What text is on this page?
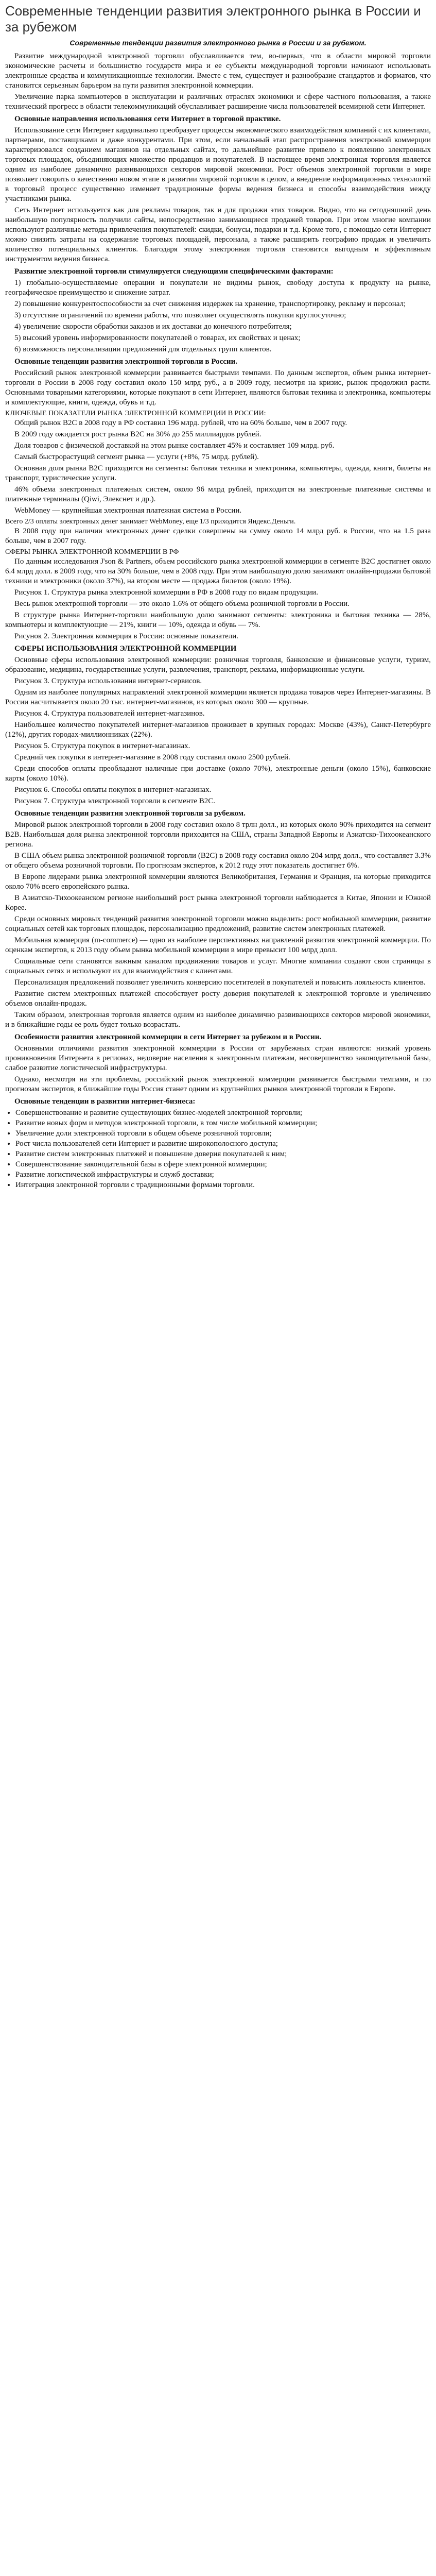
Современные тенденции развития электронного рынка в России и за рубежом
Современные тенденции развития электронного рынка в России и за рубежом.

Развитие международной электронной торговли обуславливается тем, во-первых, что в области мировой торговли экономические расчеты и большинство государств мира и ее субъекты международной торговли начинают использовать электронные средства и коммуникационные технологии. Вместе с тем, существует и разнообразие стандартов и форматов, что становится серьезным барьером на пути развития электронной коммерции.

Увеличение парка компьютеров в эксплуатации и различных отраслях экономики и сфере частного пользования, а также технический прогресс в области телекоммуникаций обуславливает расширение числа пользователей всемирной сети Интернет.

Основные направления использования сети Интернет в торговой практике.

Использование сети Интернет кардинально преобразует процессы экономического взаимодействия компаний с их клиентами, партнерами, поставщиками и даже конкурентами. При этом, если начальный этап распространения электронной коммерции характеризовался созданием магазинов на отдельных сайтах, то дальнейшее развитие привело к появлению электронных торговых площадок, объединяющих множество продавцов и покупателей. В настоящее время электронная торговля является одним из наиболее динамично развивающихся секторов мировой экономики. Рост объемов электронной торговли в мире позволяет говорить о качественно новом этапе в развитии мировой торговли в целом, а внедрение информационных технологий в торговый процесс существенно изменяет традиционные формы ведения бизнеса и способы взаимодействия между участниками рынка.

Сеть Интернет используется как для рекламы товаров, так и для продажи этих товаров. Видно, что на сегодняшний день наибольшую популярность получили сайты, непосредственно занимающиеся продажей товаров. При этом многие компании используют различные методы привлечения покупателей: скидки, бонусы, подарки и т.д. Кроме того, с помощью сети Интернет можно снизить затраты на содержание торговых площадей, персонала, а также расширить географию продаж и увеличить количество потенциальных клиентов. Благодаря этому электронная торговля становится выгодным и эффективным инструментом ведения бизнеса.

Развитие электронной торговли стимулируется следующими специфическими факторами:

1) глобально-осуществляемые операции и покупатели не видимы рынок, свободу доступа к продукту на рынке, географическое преимущество и снижение затрат.

2) повышение конкурентоспособности за счет снижения издержек на хранение, транспортировку, рекламу и персонал;

3) отсутствие ограничений по времени работы, что позволяет осуществлять покупки круглосуточно;

4) увеличение скорости обработки заказов и их доставки до конечного потребителя;

5) высокий уровень информированности покупателей о товарах, их свойствах и ценах;

6) возможность персонализации предложений для отдельных групп клиентов.

Основные тенденции развития электронной торговли в России.

Российский рынок электронной коммерции развивается быстрыми темпами. По данным экспертов, объем рынка интернет-торговли в России в 2008 году составил около 150 млрд руб., а в 2009 году, несмотря на кризис, рынок продолжил расти. Основными товарными категориями, которые покупают в сети Интернет, являются бытовая техника и электроника, компьютеры и комплектующие, книги, одежда, обувь и т.д.

КЛЮЧЕВЫЕ ПОКАЗАТЕЛИ РЫНКА ЭЛЕКТРОННОЙ КОММЕРЦИИ В РОССИИ:

Общий рынок B2C в 2008 году в РФ составил 196 млрд. рублей, что на 60% больше, чем в 2007 году.

В 2009 году ожидается рост рынка B2C на 30% до 255 миллиардов рублей.

Доля товаров с физической доставкой на этом рынке составляет 45% и составляет 109 млрд. руб.

Самый быстрорастущий сегмент рынка — услуги (+8%, 75 млрд. рублей).

Основная доля рынка B2C приходится на сегменты: бытовая техника и электроника, компьютеры, одежда, книги, билеты на транспорт, туристические услуги.

46% объема электронных платежных систем, около 96 млрд рублей, приходится на электронные платежные системы и платежные терминалы (Qiwi, Элекснет и др.).

WebMoney — крупнейшая электронная платежная система в России.

Всего 2/3 оплаты электронных денег занимает WebMoney, еще 1/3 приходится Яндекс.Деньги.

В 2008 году при наличии электронных денег сделки совершены на сумму около 14 млрд руб. в России, что на 1.5 раза больше, чем в 2007 году.

СФЕРЫ РЫНКА ЭЛЕКТРОННОЙ КОММЕРЦИИ В РФ

По данным исследования J'son & Partners, объем российского рынка электронной коммерции в сегменте B2C достигнет около 6.4 млрд долл. в 2009 году, что на 30% больше, чем в 2008 году. При этом наибольшую долю занимают онлайн-продажи бытовой техники и электроники (около 37%), на втором месте — продажа билетов (около 19%).

Рисунок 1. Структура рынка электронной коммерции в РФ в 2008 году по видам продукции.

Весь рынок электронной торговли — это около 1.6% от общего объема розничной торговли в России.

В структуре рынка Интернет-торговли наибольшую долю занимают сегменты: электроника и бытовая техника — 28%, компьютеры и комплектующие — 21%, книги — 10%, одежда и обувь — 7%.

Рисунок 2. Электронная коммерция в России: основные показатели.

СФЕРЫ ИСПОЛЬЗОВАНИЯ ЭЛЕКТРОННОЙ КОММЕРЦИИ

Основные сферы использования электронной коммерции: розничная торговля, банковские и финансовые услуги, туризм, образование, медицина, государственные услуги, развлечения, транспорт, реклама, информационные услуги.

Рисунок 3. Структура использования интернет-сервисов.

Одним из наиболее популярных направлений электронной коммерции является продажа товаров через Интернет-магазины. В России насчитывается около 20 тыс. интернет-магазинов, из которых около 300 — крупные.

Рисунок 4. Структура пользователей интернет-магазинов.

Наибольшее количество покупателей интернет-магазинов проживает в крупных городах: Москве (43%), Санкт-Петербурге (12%), других городах-миллионниках (22%).

Рисунок 5. Структура покупок в интернет-магазинах.

Средний чек покупки в интернет-магазине в 2008 году составил около 2500 рублей.

Среди способов оплаты преобладают наличные при доставке (около 70%), электронные деньги (около 15%), банковские карты (около 10%).

Рисунок 6. Способы оплаты покупок в интернет-магазинах.

Рисунок 7. Структура электронной торговли в сегменте B2C.

Основные тенденции развития электронной торговли за рубежом.

Мировой рынок электронной торговли в 2008 году составил около 8 трлн долл., из которых около 90% приходится на сегмент B2B. Наибольшая доля рынка электронной торговли приходится на США, страны Западной Европы и Азиатско-Тихоокеанского региона.

В США объем рынка электронной розничной торговли (B2C) в 2008 году составил около 204 млрд долл., что составляет 3.3% от общего объема розничной торговли. По прогнозам экспертов, к 2012 году этот показатель достигнет 6%.

В Европе лидерами рынка электронной коммерции являются Великобритания, Германия и Франция, на которые приходится около 70% всего европейского рынка.

В Азиатско-Тихоокеанском регионе наибольший рост рынка электронной торговли наблюдается в Китае, Японии и Южной Корее.

Среди основных мировых тенденций развития электронной торговли можно выделить: рост мобильной коммерции, развитие социальных сетей как торговых площадок, персонализацию предложений, развитие систем электронных платежей.

Мобильная коммерция (m-commerce) — одно из наиболее перспективных направлений развития электронной коммерции. По оценкам экспертов, к 2013 году объем рынка мобильной коммерции в мире превысит 100 млрд долл.

Социальные сети становятся важным каналом продвижения товаров и услуг. Многие компании создают свои страницы в социальных сетях и используют их для взаимодействия с клиентами.

Персонализация предложений позволяет увеличить конверсию посетителей в покупателей и повысить лояльность клиентов.

Развитие систем электронных платежей способствует росту доверия покупателей к электронной торговле и увеличению объемов онлайн-продаж.

Таким образом, электронная торговля является одним из наиболее динамично развивающихся секторов мировой экономики, и в ближайшие годы ее роль будет только возрастать.

Особенности развития электронной коммерции в сети Интернет за рубежом и в России.

Основными отличиями развития электронной коммерции в России от зарубежных стран являются: низкий уровень проникновения Интернета в регионах, недоверие населения к электронным платежам, несовершенство законодательной базы, слабое развитие логистической инфраструктуры.

Однако, несмотря на эти проблемы, российский рынок электронной коммерции развивается быстрыми темпами, и по прогнозам экспертов, в ближайшие годы Россия станет одним из крупнейших рынков электронной торговли в Европе.

Основные тенденции в развитии интернет-бизнеса:

• Совершенствование и развитие существующих бизнес-моделей электронной торговли;
• Развитие новых форм и методов электронной торговли, в том числе мобильной коммерции;
• Увеличение доли электронной торговли в общем объеме розничной торговли;
• Рост числа пользователей сети Интернет и развитие широкополосного доступа;
• Развитие систем электронных платежей и повышение доверия покупателей к ним;
• Совершенствование законодательной базы в сфере электронной коммерции;
• Развитие логистической инфраструктуры и служб доставки;
• Интеграция электронной торговли с традиционными формами торговли.
